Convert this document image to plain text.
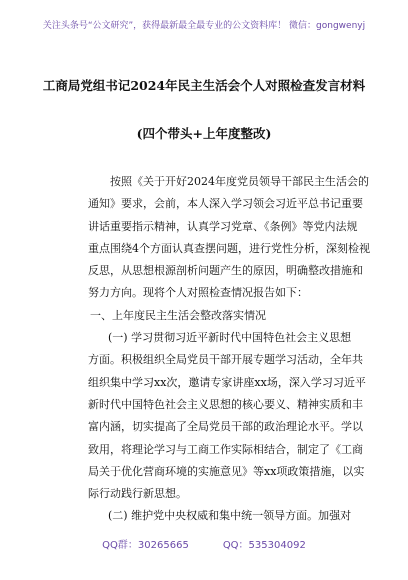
关注头条号“公文研究”，获得最新最全最专业的公文资料库！ 微信：gongwenyj
工商局党组书记2024年民主生活会个人对照检查发言材料
(四个带头+上年度整改)
按照《关于开好2024年度党员领导干部民主生活会的
通知》要求，会前，本人深入学习领会习近平总书记重要
讲话重要指示精神，认真学习党章、《条例》等党内法规
重点围绕4个方面认真查摆问题，进行党性分析，深刻检视
反思，从思想根源剖析问题产生的原因，明确整改措施和
努力方向。现将个人对照检查情况报告如下：
一、上年度民主生活会整改落实情况
(一) 学习贯彻习近平新时代中国特色社会主义思想
方面。积极组织全局党员干部开展专题学习活动，全年共
组织集中学习xx次，邀请专家讲座xx场，深入学习习近平
新时代中国特色社会主义思想的核心要义、精神实质和丰
富内涵，切实提高了全局党员干部的政治理论水平。学以
致用，将理论学习与工商工作实际相结合，制定了《工商
局关于优化营商环境的实施意见》等xx项政策措施，以实
际行动践行新思想。
(二) 维护党中央权威和集中统一领导方面。加强对
QQ群：30265665	QQ：535304092
